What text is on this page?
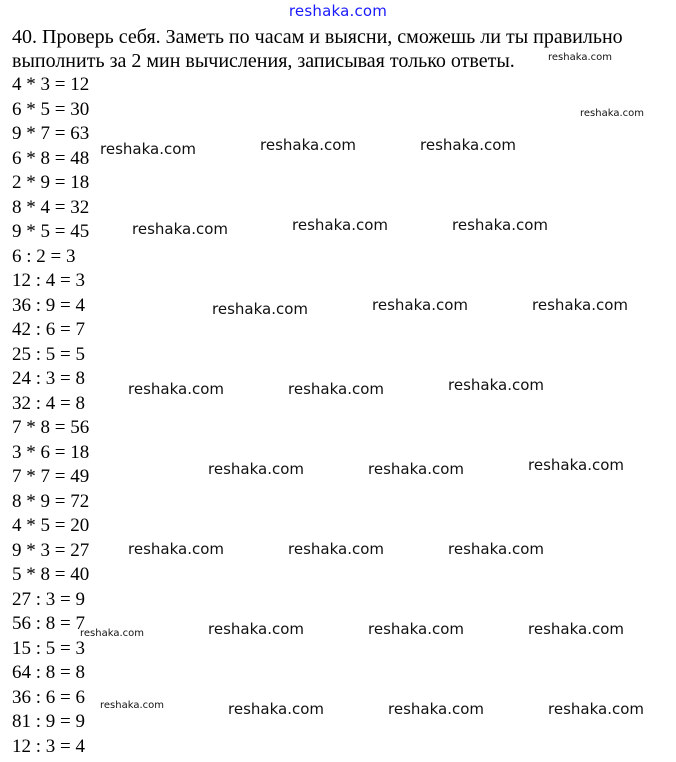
reshaka.com

40. Проверь себя. Заметь по часам и выясни, сможешь ли ты правильно выполнить за 2 мин вычисления, записывая только ответы.

4 * 3 = 12
6 * 5 = 30
9 * 7 = 63
6 * 8 = 48
2 * 9 = 18
8 * 4 = 32
9 * 5 = 45
6 : 2 = 3
12 : 4 = 3
36 : 9 = 4
42 : 6 = 7
25 : 5 = 5
24 : 3 = 8
32 : 4 = 8
7 * 8 = 56
3 * 6 = 18
7 * 7 = 49
8 * 9 = 72
4 * 5 = 20
9 * 3 = 27
5 * 8 = 40
27 : 3 = 9
56 : 8 = 7
15 : 5 = 3
64 : 8 = 8
36 : 6 = 6
81 : 9 = 9
12 : 3 = 4
reshaka.com
reshaka.com
reshaka.com	reshaka.com	reshaka.com
reshaka.com	reshaka.com	reshaka.com
reshaka.com	reshaka.com	reshaka.com
reshaka.com	reshaka.com	reshaka.com
reshaka.com	reshaka.com	reshaka.com
reshaka.com	reshaka.com	reshaka.com
reshaka.com	reshaka.com	reshaka.com	reshaka.com
reshaka.com	reshaka.com	reshaka.com	reshaka.com
